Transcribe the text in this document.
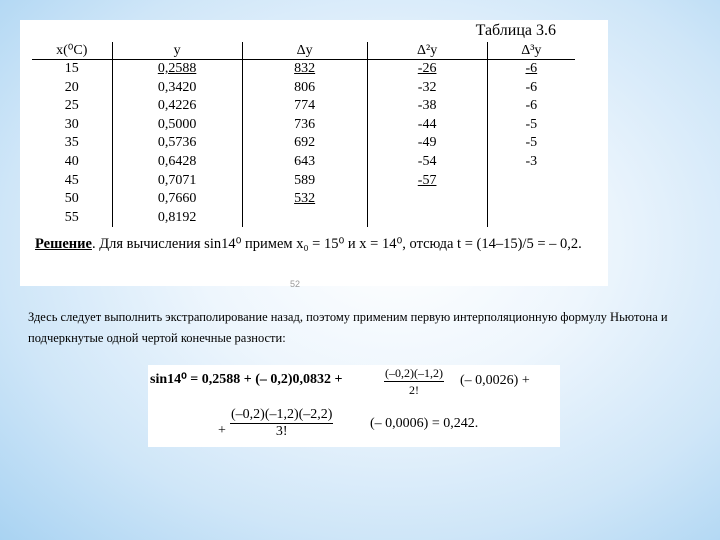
Таблица 3.6
x(⁰C)	y	Δy	Δ²y	Δ³y
15	0,2588	832	-26	-6
20	0,3420	806	-32	-6
25	0,4226	774	-38	-6
30	0,5000	736	-44	-5
35	0,5736	692	-49	-5
40	0,6428	643	-54	-3
45	0,7071	589	-57	
50	0,7660	532		
55	0,8192			
Решение. Для вычисления sin14⁰ примем x₀ = 15⁰ и x = 14⁰, отсюда t = (14–15)/5 = – 0,2.
52
Здесь следует выполнить экстраполирование назад, поэтому применим первую интерполяционную формулу Ньютона и подчеркнутые одной чертой конечные разности:
sin14⁰ = 0,2588 + (– 0,2)0,0832 +	$\frac{(-0,2)(-1,2)}{2!}$ (– 0,0026) +
+ $\frac{(-0,2)(-1,2)(-2,2)}{3!}$	(– 0,0006) = 0,242.
